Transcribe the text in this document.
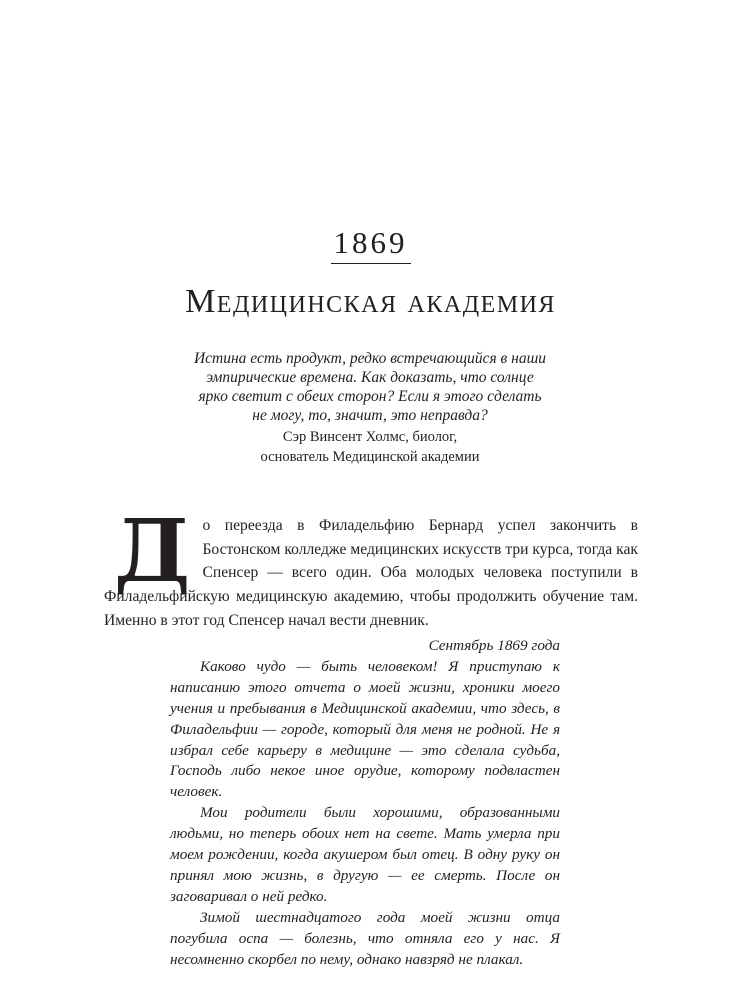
1869
Медицинская академия

Истина есть продукт, редко встречающийся в наши эмпирические времена. Как доказать, что солнце ярко светит с обеих сторон? Если я этого сделать не могу, то, значит, это неправда?

Сэр Винсент Холмс, биолог,
основатель Медицинской академии

До переезда в Филадельфию Бернард успел закончить в Бостонском колледже медицинских искусств три курса, тогда как Спенсер — всего один. Оба молодых человека поступили в Филадельфийскую медицинскую академию, чтобы продолжить обучение там. Именно в этот год Спенсер начал вести дневник.

Сентябрь 1869 года

Каково чудо — быть человеком! Я приступаю к написанию этого отчета о моей жизни, хроники моего учения и пребывания в Медицинской академии, что здесь, в Филадельфии — городе, который для меня не родной. Не я избрал себе карьеру в медицине — это сделала судьба, Господь либо некое иное орудие, которому подвластен человек.

Мои родители были хорошими, образованными людьми, но теперь обоих нет на свете. Мать умерла при моем рождении, когда акушером был отец. В одну руку он принял мою жизнь, в другую — ее смерть. После он заговаривал о ней редко.

Зимой шестнадцатого года моей жизни отца погубила оспа — болезнь, что отняла его у нас. Я несомненно скорбел по нему, однако навзряд не плакал.
